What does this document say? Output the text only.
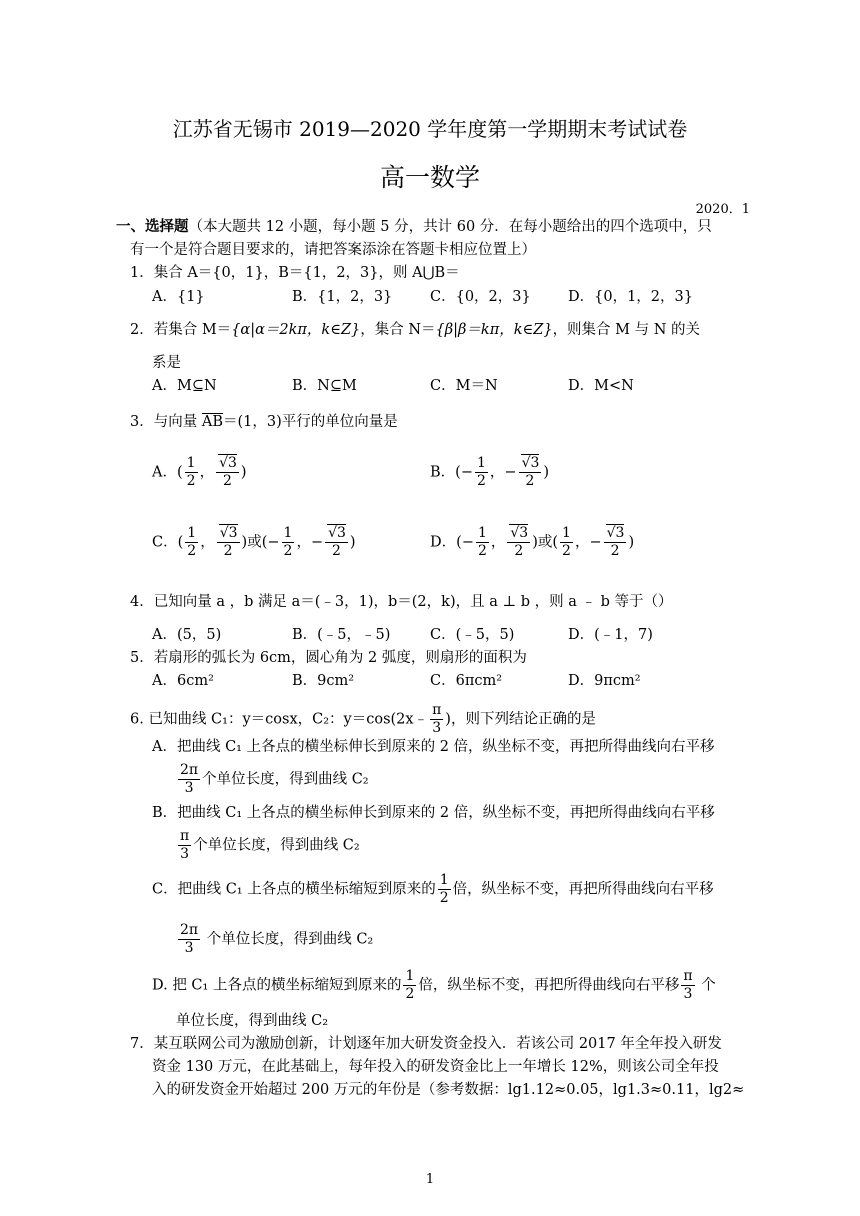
江苏省无锡市 2019—2020 学年度第一学期期末考试试卷
高一数学
2020．1
一、选择题（本大题共 12 小题，每小题 5 分，共计 60 分．在每小题给出的四个选项中，只
有一个是符合题目要求的，请把答案添涂在答题卡相应位置上）
1．集合 A＝{0，1}，B＝{1，2，3}，则 A⋃B＝
A．{1}	B．{1，2，3}	C．{0，2，3}	D．{0，1，2，3}
2．若集合 M＝{α|α＝2kπ，k∈Z}，集合 N＝{β|β＝kπ，k∈Z}，则集合 M 与 N 的关
系是
A．M⊆N	B．N⊆M	C．M＝N	D．M<N
3．与向量 AB＝(1，3)平行的单位向量是
A．( $\frac{1}{2}$ ， $\frac{√3}{2}$ )	B．(− $\frac{1}{2}$ ，− $\frac{√3}{2}$ )
C．( $\frac{1}{2}$ ， $\frac{√3}{2}$ )或(− $\frac{1}{2}$ ，− $\frac{√3}{2}$ )	D．(− $\frac{1}{2}$ ， $\frac{√3}{2}$ )或( $\frac{1}{2}$ ，− $\frac{√3}{2}$ )
4．已知向量 a ，b 满足 a＝(﹣3，1)，b＝(2，k)，且 a ⊥ b ，则 a ﹣ b 等于（）
A．(5，5)	B．(﹣5，﹣5)	C．(﹣5，5)	D．(﹣1，7)
5．若扇形的弧长为 6cm，圆心角为 2 弧度，则扇形的面积为
A．6cm²	B．9cm²	C．6πcm²	D．9πcm²
6. 已知曲线 C₁：y＝cosx，C₂：y＝cos(2x﹣ $\frac{\pi}{3}$ )，则下列结论正确的是
A．把曲线 C₁ 上各点的横坐标伸长到原来的 2 倍，纵坐标不变，再把所得曲线向右平移
$\frac{2\pi}{3}$ 个单位长度，得到曲线 C₂
B．把曲线 C₁ 上各点的横坐标伸长到原来的 2 倍，纵坐标不变，再把所得曲线向右平移
$\frac{\pi}{3}$ 个单位长度，得到曲线 C₂
C．把曲线 C₁ 上各点的横坐标缩短到原来的 $\frac{1}{2}$ 倍，纵坐标不变，再把所得曲线向右平移
$\frac{2\pi}{3}$ 个单位长度，得到曲线 C₂
D. 把 C₁ 上各点的横坐标缩短到原来的 $\frac{1}{2}$ 倍，纵坐标不变，再把所得曲线向右平移 $\frac{\pi}{3}$ 个
单位长度，得到曲线 C₂
7．某互联网公司为激励创新，计划逐年加大研发资金投入．若该公司 2017 年全年投入研发
资金 130 万元，在此基础上，每年投入的研发资金比上一年增长 12%，则该公司全年投
入的研发资金开始超过 200 万元的年份是（参考数据：lg1.12≈0.05，lg1.3≈0.11，lg2≈
1
